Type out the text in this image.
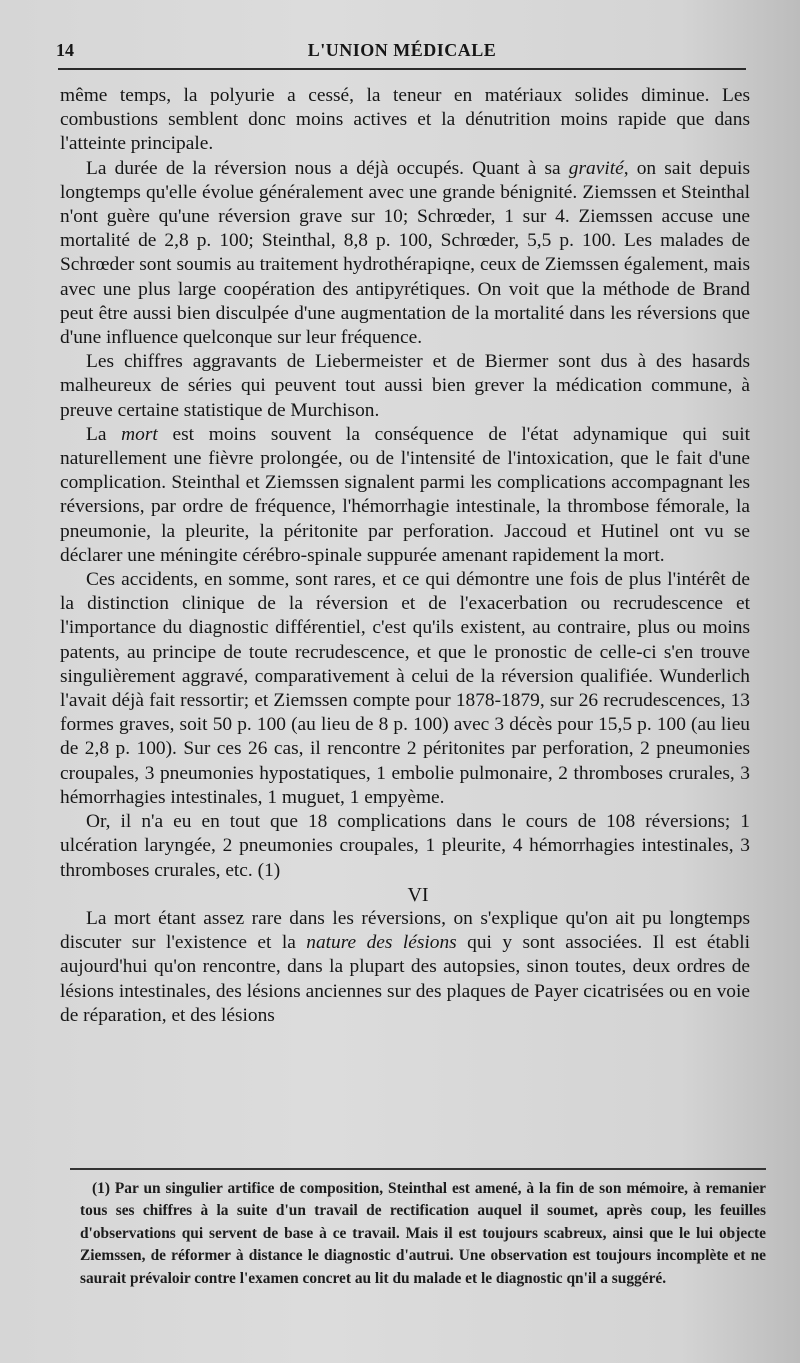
14	L'UNION MÉDICALE

même temps, la polyurie a cessé, la teneur en matériaux solides diminue. Les combustions semblent donc moins actives et la dénutrition moins rapide que dans l'atteinte principale.

La durée de la réversion nous a déjà occupés. Quant à sa gravité, on sait depuis longtemps qu'elle évolue généralement avec une grande bénignité. Ziemssen et Steinthal n'ont guère qu'une réversion grave sur 10; Schrœder, 1 sur 4. Ziemssen accuse une mortalité de 2,8 p. 100; Steinthal, 8,8 p. 100, Schrœder, 5,5 p. 100. Les malades de Schrœder sont soumis au traitement hydrothérapiqne, ceux de Ziemssen également, mais avec une plus large coopération des antipyrétiques. On voit que la méthode de Brand peut être aussi bien disculpée d'une augmentation de la mortalité dans les réversions que d'une influence quelconque sur leur fréquence.

Les chiffres aggravants de Liebermeister et de Biermer sont dus à des hasards malheureux de séries qui peuvent tout aussi bien grever la médication commune, à preuve certaine statistique de Murchison.

La mort est moins souvent la conséquence de l'état adynamique qui suit naturellement une fièvre prolongée, ou de l'intensité de l'intoxication, que le fait d'une complication. Steinthal et Ziemssen signalent parmi les complications accompagnant les réversions, par ordre de fréquence, l'hémorrhagie intestinale, la thrombose fémorale, la pneumonie, la pleurite, la péritonite par perforation. Jaccoud et Hutinel ont vu se déclarer une méningite cérébro-spinale suppurée amenant rapidement la mort.

Ces accidents, en somme, sont rares, et ce qui démontre une fois de plus l'intérêt de la distinction clinique de la réversion et de l'exacerbation ou recrudescence et l'importance du diagnostic différentiel, c'est qu'ils existent, au contraire, plus ou moins patents, au principe de toute recrudescence, et que le pronostic de celle-ci s'en trouve singulièrement aggravé, comparativement à celui de la réversion qualifiée. Wunderlich l'avait déjà fait ressortir; et Ziemssen compte pour 1878-1879, sur 26 recrudescences, 13 formes graves, soit 50 p. 100 (au lieu de 8 p. 100) avec 3 décès pour 15,5 p. 100 (au lieu de 2,8 p. 100). Sur ces 26 cas, il rencontre 2 péritonites par perforation, 2 pneumonies croupales, 3 pneumonies hypostatiques, 1 embolie pulmonaire, 2 thromboses crurales, 3 hémorrhagies intestinales, 1 muguet, 1 empyème.

Or, il n'a eu en tout que 18 complications dans le cours de 108 réversions; 1 ulcération laryngée, 2 pneumonies croupales, 1 pleurite, 4 hémorrhagies intestinales, 3 thromboses crurales, etc. (1)

VI

La mort étant assez rare dans les réversions, on s'explique qu'on ait pu longtemps discuter sur l'existence et la nature des lésions qui y sont associées. Il est établi aujourd'hui qu'on rencontre, dans la plupart des autopsies, sinon toutes, deux ordres de lésions intestinales, des lésions anciennes sur des plaques de Payer cicatrisées ou en voie de réparation, et des lésions

(1) Par un singulier artifice de composition, Steinthal est amené, à la fin de son mémoire, à remanier tous ses chiffres à la suite d'un travail de rectification auquel il soumet, après coup, les feuilles d'observations qui servent de base à ce travail. Mais il est toujours scabreux, ainsi que le lui objecte Ziemssen, de réformer à distance le diagnostic d'autrui. Une observation est toujours incomplète et ne saurait prévaloir contre l'examen concret au lit du malade et le diagnostic qn'il a suggéré.
